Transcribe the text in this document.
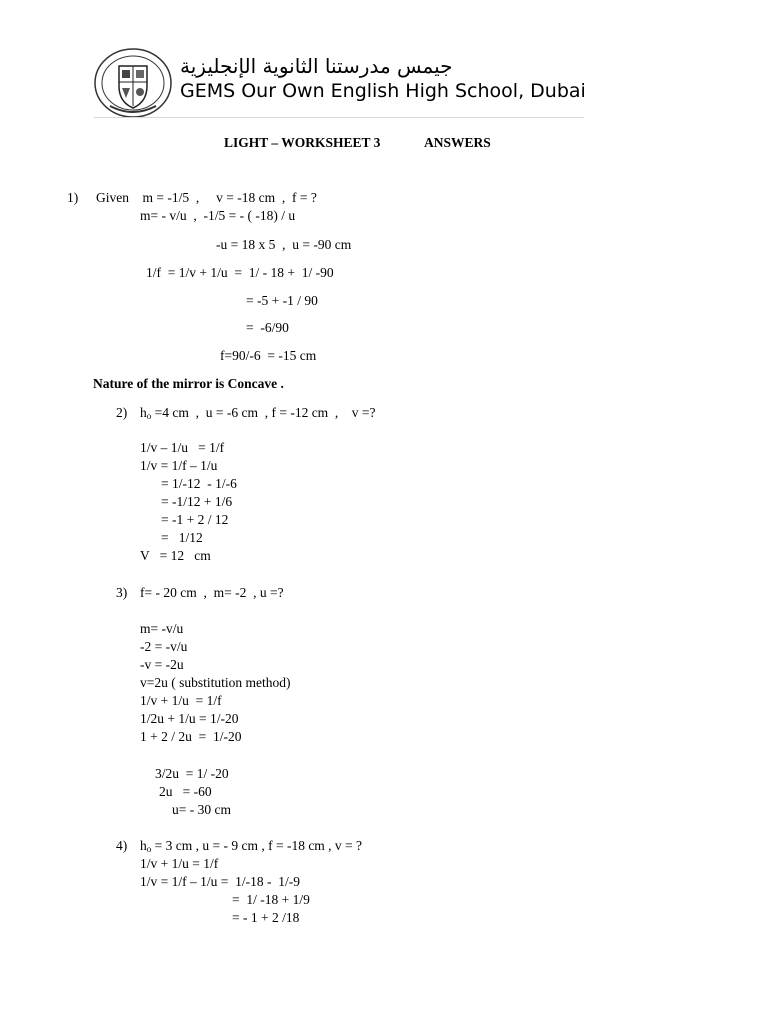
جيمس مدرستنا الثانوية الإنجليزية
GEMS Our Own English High School, Dubai
LIGHT – WORKSHEET 3	ANSWERS
1) Given    m = -1/5  ,     v = -18 cm  ,  f = ?
m= - v/u  ,  -1/5 = - ( -18) / u
-u = 18 x 5  ,  u = -90 cm
1/f  = 1/v + 1/u  =  1/ - 18 +  1/ -90
= -5 + -1 / 90
=  -6/90
f=90/-6  = -15 cm
Nature of the mirror is Concave .
2) $h_o =4$ cm  ,  u = -6 cm  , f = -12 cm  ,    v =?
1/v – 1/u   = 1/f
1/v = 1/f – 1/u
= 1/-12  - 1/-6
= -1/12 + 1/6
= -1 + 2 / 12
=   1/12
V   = 12   cm
3) f= - 20 cm  ,  m= -2  , u =?
m= -v/u
-2 = -v/u
-v = -2u
v=2u ( substitution method)
1/v + 1/u  = 1/f
1/2u + 1/u = 1/-20
1 + 2 / 2u  =  1/-20
3/2u  = 1/ -20
2u   = -60
u= - 30 cm
4) $h_o = 3$ cm , u = - 9 cm , f = -18 cm , v = ?
1/v + 1/u = 1/f
1/v = 1/f – 1/u =  1/-18 -  1/-9
=  1/ -18 + 1/9
= - 1 + 2 /18
